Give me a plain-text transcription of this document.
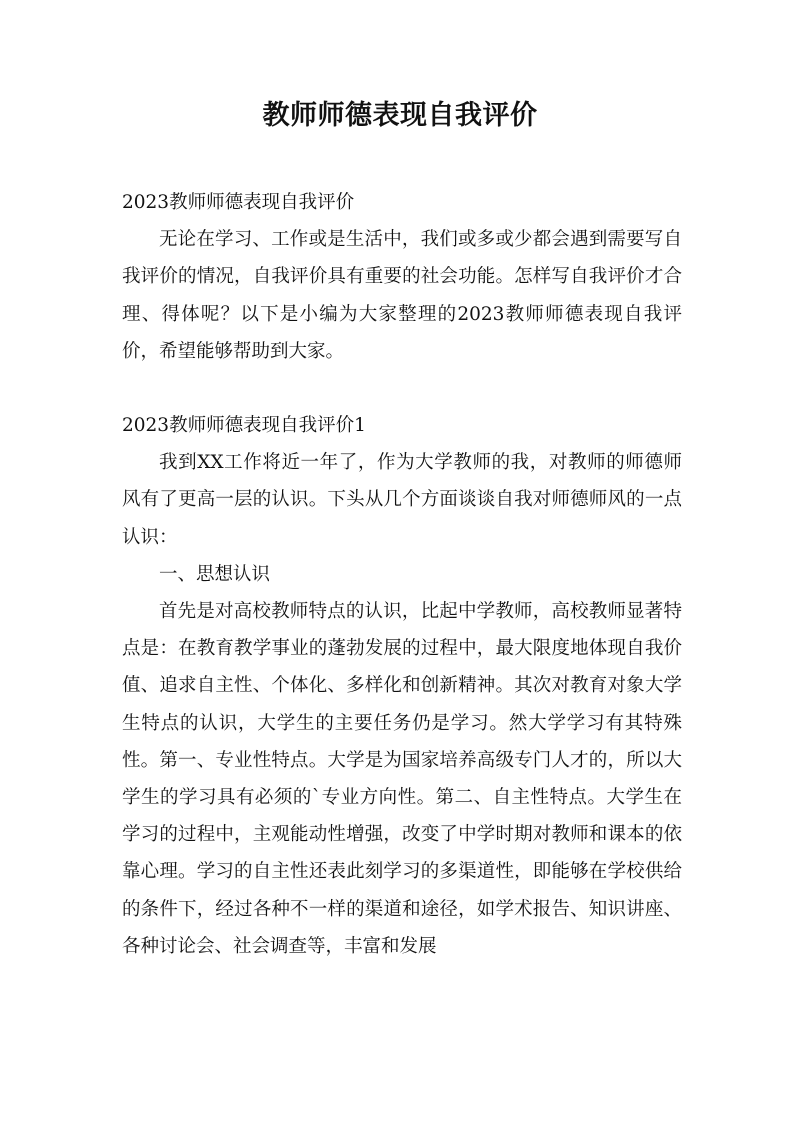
教师师德表现自我评价

2023教师师德表现自我评价

无论在学习、工作或是生活中，我们或多或少都会遇到需要写自我评价的情况，自我评价具有重要的社会功能。怎样写自我评价才合理、得体呢？以下是小编为大家整理的2023教师师德表现自我评价，希望能够帮助到大家。

2023教师师德表现自我评价1

我到XX工作将近一年了，作为大学教师的我，对教师的师德师风有了更高一层的认识。下头从几个方面谈谈自我对师德师风的一点认识：

一、思想认识

首先是对高校教师特点的认识，比起中学教师，高校教师显著特点是：在教育教学事业的蓬勃发展的过程中，最大限度地体现自我价值、追求自主性、个体化、多样化和创新精神。其次对教育对象大学生特点的认识，大学生的主要任务仍是学习。然大学学习有其特殊性。第一、专业性特点。大学是为国家培养高级专门人才的，所以大学生的学习具有必须的`专业方向性。第二、自主性特点。大学生在学习的过程中，主观能动性增强，改变了中学时期对教师和课本的依靠心理。学习的自主性还表此刻学习的多渠道性，即能够在学校供给的条件下，经过各种不一样的渠道和途径，如学术报告、知识讲座、各种讨论会、社会调查等，丰富和发展
